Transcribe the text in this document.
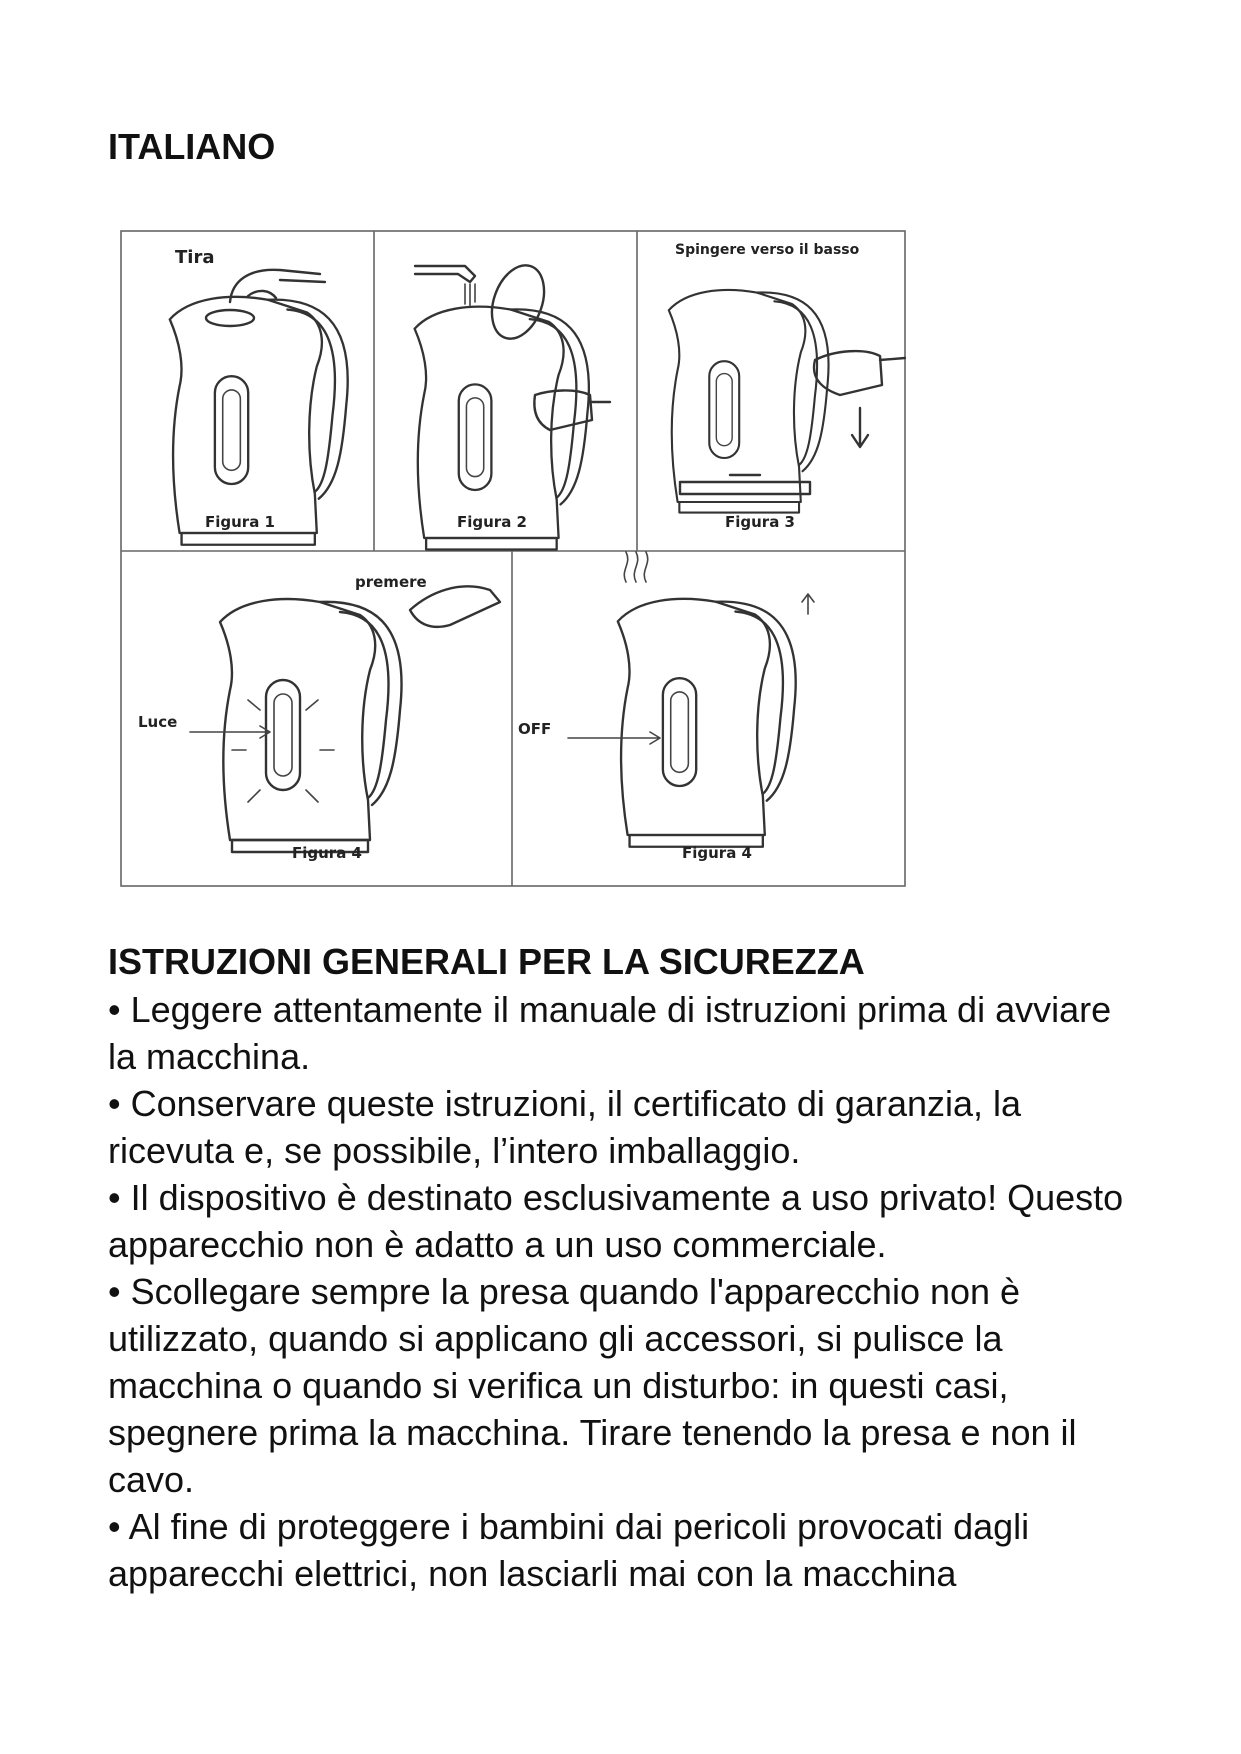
ITALIANO
Tira
Figura 1	Figura 2
Spingere verso il basso
Figura 3
Luce
premere
Figura 4
OFF
Figura 4
ISTRUZIONI GENERALI PER LA SICUREZZA
• Leggere attentamente il manuale di istruzioni prima di avviare la macchina.
• Conservare queste istruzioni, il certificato di garanzia, la ricevuta e, se possibile, l’intero imballaggio.
• Il dispositivo è destinato esclusivamente a uso privato! Questo apparecchio non è adatto a un uso commerciale.
• Scollegare sempre la presa quando l'apparecchio non è utilizzato, quando si applicano gli accessori, si pulisce la macchina o quando si verifica un disturbo: in questi casi, spegnere prima la macchina. Tirare tenendo la presa e non il cavo.
• Al fine di proteggere i bambini dai pericoli provocati dagli apparecchi elettrici, non lasciarli mai con la macchina
